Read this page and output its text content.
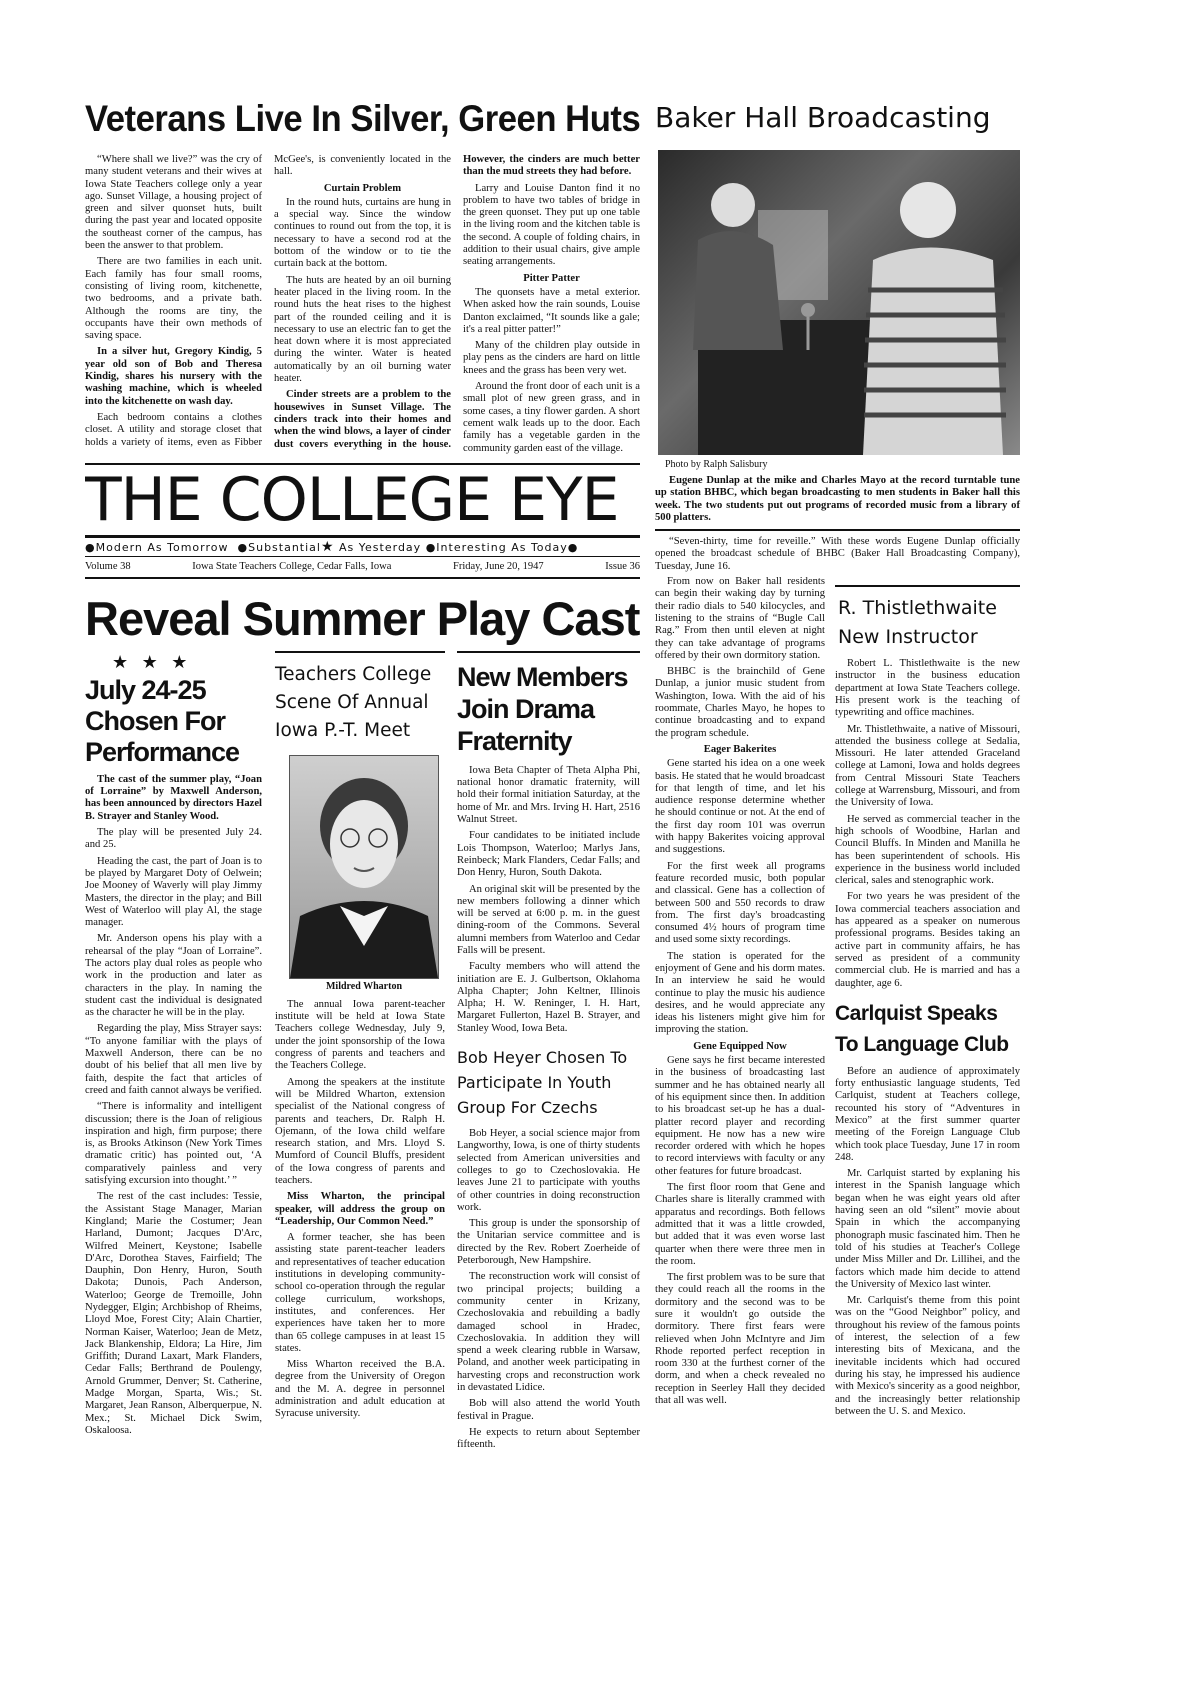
Veterans Live In Silver, Green Huts

“Where shall we live?” was the cry of many student veterans and their wives at Iowa State Teachers college only a year ago. Sunset Village, a housing project of green and silver quonset huts, built during the past year and located opposite the southeast corner of the campus, has been the answer to that problem.

There are two families in each unit. Each family has four small rooms, consisting of living room, kitchenette, two bedrooms, and a private bath. Although the rooms are tiny, the occupants have their own methods of saving space.

In a silver hut, Gregory Kindig, 5 year old son of Bob and Theresa Kindig, shares his nursery with the washing machine, which is wheeled into the kitchenette on wash day.

Each bedroom contains a clothes closet. A utility and storage closet that holds a variety of items, even as Fibber McGee's, is conveniently located in the hall.

Curtain Problem

In the round huts, curtains are hung in a special way. Since the window continues to round out from the top, it is necessary to have a second rod at the bottom of the window or to tie the curtain back at the bottom.

The huts are heated by an oil burning heater placed in the living room. In the round huts the heat rises to the highest part of the rounded ceiling and it is necessary to use an electric fan to get the heat down where it is most appreciated during the winter. Water is heated automatically by an oil burning water heater.

Cinder streets are a problem to the housewives in Sunset Village. The cinders track into their homes and when the wind blows, a layer of cinder dust covers everything in the house. However, the cinders are much better than the mud streets they had before.

Larry and Louise Danton find it no problem to have two tables of bridge in the green quonset. They put up one table in the living room and the kitchen table is the second. A couple of folding chairs, in addition to their usual chairs, give ample seating arrangements.

Pitter Patter

The quonsets have a metal exterior. When asked how the rain sounds, Louise Danton exclaimed, “It sounds like a gale; it's a real pitter patter!”

Many of the children play outside in play pens as the cinders are hard on little knees and the grass has been very wet.

Around the front door of each unit is a small plot of new green grass, and in some cases, a tiny flower garden. A short cement walk leads up to the door. Each family has a vegetable garden in the community garden east of the village.

THE COLLEGE EYE
●Modern As Tomorrow ●Substantial★ As Yesterday ●Interesting As Today●
Volume 38	Iowa State Teachers College, Cedar Falls, Iowa	Friday, June 20, 1947	Issue 36
Reveal Summer Play Cast
★   ★   ★
July 24-25
Chosen For
Performance

The cast of the summer play, “Joan of Lorraine” by Maxwell Anderson, has been announced by directors Hazel B. Strayer and Stanley Wood.

The play will be presented July 24. and 25.

Heading the cast, the part of Joan is to be played by Margaret Doty of Oelwein; Joe Mooney of Waverly will play Jimmy Masters, the director in the play; and Bill West of Waterloo will play Al, the stage manager.

Mr. Anderson opens his play with a rehearsal of the play “Joan of Lorraine”. The actors play dual roles as people who work in the production and later as characters in the play. In naming the student cast the individual is designated as the character he will be in the play.

Regarding the play, Miss Strayer says: “To anyone familiar with the plays of Maxwell Anderson, there can be no doubt of his belief that all men live by faith, despite the fact that articles of creed and faith cannot always be verified.

“There is informality and intelligent discussion; there is the Joan of religious inspiration and high, firm purpose; there is, as Brooks Atkinson (New York Times dramatic critic) has pointed out, ‘A comparatively painless and very satisfying excursion into thought.’ ”

The rest of the cast includes: Tessie, the Assistant Stage Manager, Marian Kingland; Marie the Costumer; Jean Harland, Dumont; Jacques D'Arc, Wilfred Meinert, Keystone; Isabelle D'Arc, Dorothea Staves, Fairfield; The Dauphin, Don Henry, Huron, South Dakota; Dunois, Pach Anderson, Waterloo; George de Tremoille, John Nydegger, Elgin; Archbishop of Rheims, Lloyd Moe, Forest City; Alain Chartier, Norman Kaiser, Waterloo; Jean de Metz, Jack Blankenship, Eldora; La Hire, Jim Griffith; Durand Laxart, Mark Flanders, Cedar Falls; Berthrand de Poulengy, Arnold Grummer, Denver; St. Catherine, Madge Morgan, Sparta, Wis.; St. Margaret, Jean Ranson, Alberquerpue, N. Mex.; St. Michael Dick Swim, Oskaloosa.

Teachers College
Scene Of Annual
Iowa P.-T. Meet
Mildred Wharton

The annual Iowa parent-teacher institute will be held at Iowa State Teachers college Wednesday, July 9, under the joint sponsorship of the Iowa congress of parents and teachers and the Teachers College.

Among the speakers at the institute will be Mildred Wharton, extension specialist of the National congress of parents and teachers, Dr. Ralph H. Ojemann, of the Iowa child welfare research station, and Mrs. Lloyd S. Mumford of Council Bluffs, president of the Iowa congress of parents and teachers.

Miss Wharton, the principal speaker, will address the group on “Leadership, Our Common Need.”

A former teacher, she has been assisting state parent-teacher leaders and representatives of teacher education institutions in developing community-school co-operation through the regular college curriculum, workshops, institutes, and conferences. Her experiences have taken her to more than 65 college campuses in at least 15 states.

Miss Wharton received the B.A. degree from the University of Oregon and the M. A. degree in personnel administration and adult education at Syracuse university.

New Members
Join Drama
Fraternity

Iowa Beta Chapter of Theta Alpha Phi, national honor dramatic fraternity, will hold their formal initiation Saturday, at the home of Mr. and Mrs. Irving H. Hart, 2516 Walnut Street.

Four candidates to be initiated include Lois Thompson, Waterloo; Marlys Jans, Reinbeck; Mark Flanders, Cedar Falls; and Don Henry, Huron, South Dakota.

An original skit will be presented by the new members following a dinner which will be served at 6:00 p. m. in the guest dining-room of the Commons. Several alumni members from Waterloo and Cedar Falls will be present.

Faculty members who will attend the initiation are E. J. Gulbertson, Oklahoma Alpha Chapter; John Keltner, Illinois Alpha; H. W. Reninger, I. H. Hart, Margaret Fullerton, Hazel B. Strayer, and Stanley Wood, Iowa Beta.

Bob Heyer Chosen To
Participate In Youth
Group For Czechs

Bob Heyer, a social science major from Langworthy, Iowa, is one of thirty students selected from American universities and colleges to go to Czechoslovakia. He leaves June 21 to participate with youths of other countries in doing reconstruction work.

This group is under the sponsorship of the Unitarian service committee and is directed by the Rev. Robert Zoerheide of Peterborough, New Hampshire.

The reconstruction work will consist of two principal projects; building a community center in Krizany, Czechoslovakia and rebuilding a badly damaged school in Hradec, Czechoslovakia. In addition they will spend a week clearing rubble in Warsaw, Poland, and another week participating in harvesting crops and reconstruction work in devastated Lidice.

Bob will also attend the world Youth festival in Prague.

He expects to return about September fifteenth.

Baker Hall Broadcasting
Photo by Ralph Salisbury
Eugene Dunlap at the mike and Charles Mayo at the record turntable tune up station BHBC, which began broadcasting to men students in Baker hall this week. The two students put out programs of recorded music from a library of 500 platters.
“Seven-thirty, time for reveille.” With these words Eugene Dunlap officially opened the broadcast schedule of BHBC (Baker Hall Broadcasting Company), Tuesday, June 16.

From now on Baker hall residents can begin their waking day by turning their radio dials to 540 kilocycles, and listening to the strains of “Bugle Call Rag.” From then until eleven at night they can take advantage of programs offered by their own dormitory station.

BHBC is the brainchild of Gene Dunlap, a junior music student from Washington, Iowa. With the aid of his roommate, Charles Mayo, he hopes to continue broadcasting and to expand the program schedule.

Eager Bakerites

Gene started his idea on a one week basis. He stated that he would broadcast for that length of time, and let his audience response determine whether he should continue or not. At the end of the first day room 101 was overrun with happy Bakerites voicing approval and suggestions.

For the first week all programs feature recorded music, both popular and classical. Gene has a collection of between 500 and 550 records to draw from. The first day's broadcasting consumed 4½ hours of program time and used some sixty recordings.

The station is operated for the enjoyment of Gene and his dorm mates. In an interview he said he would continue to play the music his audience desires, and he would appreciate any ideas his listeners might give him for improving the station.

Gene Equipped Now

Gene says he first became interested in the business of broadcasting last summer and he has obtained nearly all of his equipment since then. In addition to his broadcast set-up he has a dual-platter record player and recording equipment. He now has a new wire recorder ordered with which he hopes to record interviews with faculty or any other features for future broadcast.

The first floor room that Gene and Charles share is literally crammed with apparatus and recordings. Both fellows admitted that it was a little crowded, but added that it was even worse last quarter when there were three men in the room.

The first problem was to be sure that they could reach all the rooms in the dormitory and the second was to be sure it wouldn't go outside the dormitory. There first fears were relieved when John McIntyre and Jim Rhode reported perfect reception in room 330 at the furthest corner of the dorm, and when a check revealed no reception in Seerley Hall they decided that all was well.

R. Thistlethwaite
New Instructor

Robert L. Thistlethwaite is the new instructor in the business education department at Iowa State Teachers college. His present work is the teaching of typewriting and office machines.

Mr. Thistlethwaite, a native of Missouri, attended the business college at Sedalia, Missouri. He later attended Graceland college at Lamoni, Iowa and holds degrees from Central Missouri State Teachers college at Warrensburg, Missouri, and from the University of Iowa.

He served as commercial teacher in the high schools of Woodbine, Harlan and Council Bluffs. In Minden and Manilla he has been superintendent of schools. His experience in the business world included clerical, sales and stenographic work.

For two years he was president of the Iowa commercial teachers association and has appeared as a speaker on numerous professional programs. Besides taking an active part in community affairs, he has served as president of a community commercial club. He is married and has a daughter, age 6.

Carlquist Speaks
To Language Club

Before an audience of approximately forty enthusiastic language students, Ted Carlquist, student at Teachers college, recounted his story of “Adventures in Mexico” at the first summer quarter meeting of the Foreign Language Club which took place Tuesday, June 17 in room 248.

Mr. Carlquist started by explaning his interest in the Spanish language which began when he was eight years old after having seen an old “silent” movie about Spain in which the accompanying phonograph music fascinated him. Then he told of his studies at Teacher's College under Miss Miller and Dr. Lillihei, and the factors which made him decide to attend the University of Mexico last winter.

Mr. Carlquist's theme from this point was on the “Good Neighbor” policy, and throughout his review of the famous points of interest, the selection of a few interesting bits of Mexicana, and the inevitable incidents which had occured during his stay, he impressed his audience with Mexico's sincerity as a good neighbor, and the increasingly better relationship between the U. S. and Mexico.
